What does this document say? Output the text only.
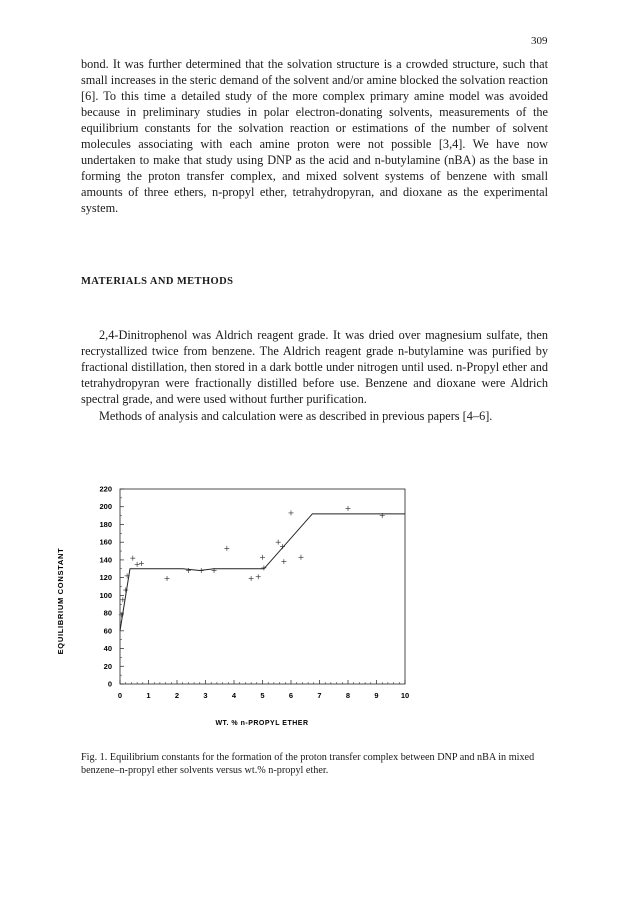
309

bond. It was further determined that the solvation structure is a crowded structure, such that small increases in the steric demand of the solvent and/or amine blocked the solvation reaction [6]. To this time a detailed study of the more complex primary amine model was avoided because in preliminary studies in polar electron-donating solvents, measurements of the equilibrium constants for the solvation reaction or estimations of the number of solvent molecules associating with each amine proton were not possible [3,4]. We have now undertaken to make that study using DNP as the acid and n-butylamine (nBA) as the base in forming the proton transfer complex, and mixed solvent systems of benzene with small amounts of three ethers, n-propyl ether, tetrahydropyran, and dioxane as the experimental system.

MATERIALS AND METHODS

2,4-Dinitrophenol was Aldrich reagent grade. It was dried over magnesium sulfate, then recrystallized twice from benzene. The Aldrich reagent grade n-butylamine was purified by fractional distillation, then stored in a dark bottle under nitrogen until used. n-Propyl ether and tetrahydropyran were fractionally distilled before use. Benzene and dioxane were Aldrich spectral grade, and were used without further purification.

Methods of analysis and calculation were as described in previous papers [4–6].

0	1	2	3	4	5	6	7	8	9	10
0
20
40
60
80
100
120
140
160
180
200
220
WT. % n-PROPYL ETHER
EQUILIBRIUM CONSTANT

Fig. 1. Equilibrium constants for the formation of the proton transfer complex between DNP and nBA in mixed benzene–n-propyl ether solvents versus wt.% n-propyl ether.
